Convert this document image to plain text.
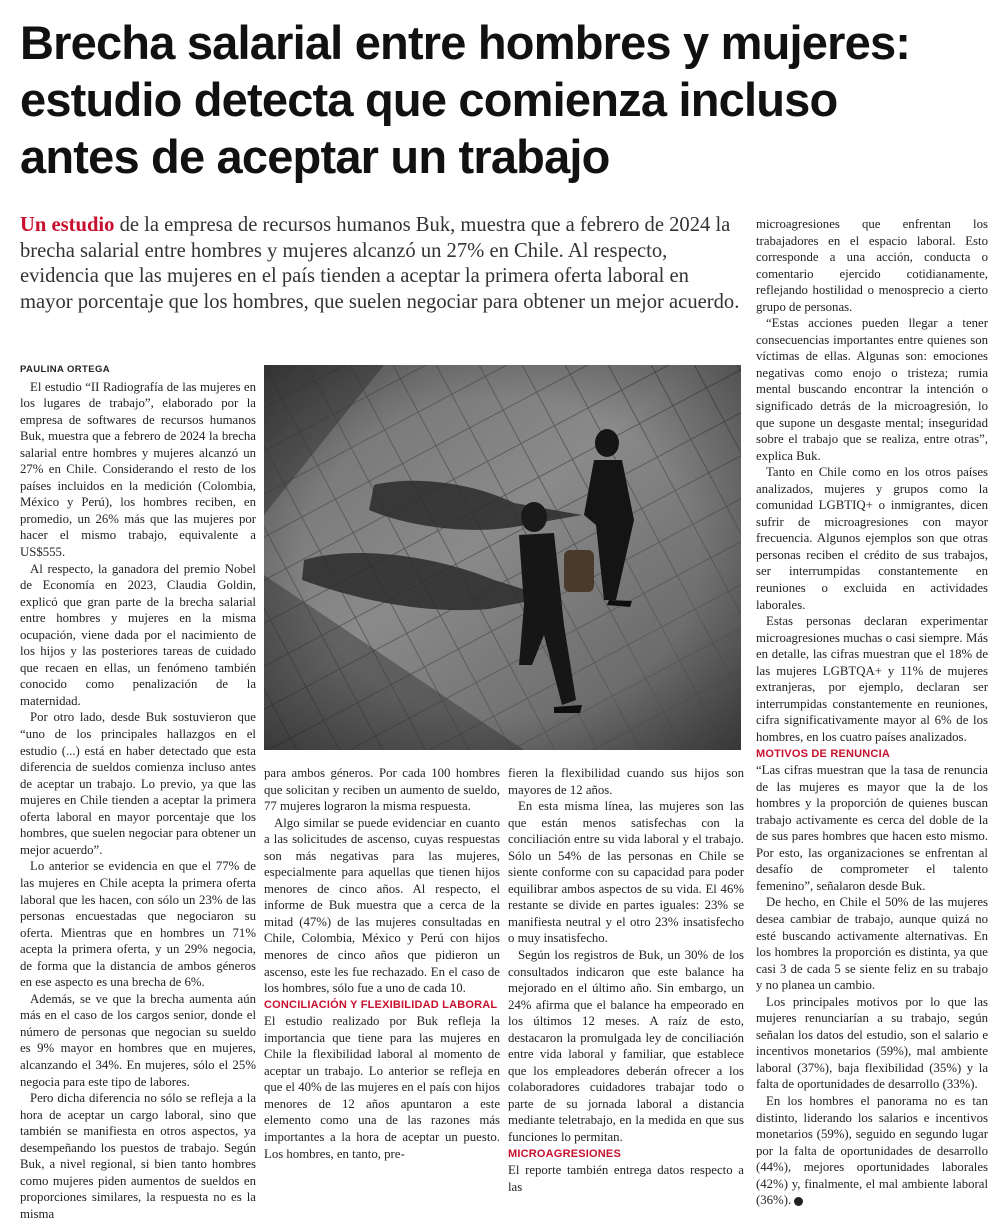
Brecha salarial entre hombres y mujeres:
estudio detecta que comienza incluso
antes de aceptar un trabajo

Un estudio de la empresa de recursos humanos Buk, muestra que a febrero de 2024 la brecha salarial entre hombres y mujeres alcanzó un 27% en Chile. Al respecto, evidencia que las mujeres en el país tienden a aceptar la primera oferta laboral en mayor porcentaje que los hombres, que suelen negociar para obtener un mejor acuerdo.

PAULINA ORTEGA

El estudio “II Radiografía de las mujeres en los lugares de trabajo”, elaborado por la empresa de softwares de recursos humanos Buk, muestra que a febrero de 2024 la brecha salarial entre hombres y mujeres alcanzó un 27% en Chile. Considerando el resto de los países incluidos en la medición (Colombia, México y Perú), los hombres reciben, en promedio, un 26% más que las mujeres por hacer el mismo trabajo, equivalente a US$555.

Al respecto, la ganadora del premio Nobel de Economía en 2023, Claudia Goldin, explicó que gran parte de la brecha salarial entre hombres y mujeres en la misma ocupación, viene dada por el nacimiento de los hijos y las posteriores tareas de cuidado que recaen en ellas, un fenómeno también conocido como penalización de la maternidad.

Por otro lado, desde Buk sostuvieron que “uno de los principales hallazgos en el estudio (...) está en haber detectado que esta diferencia de sueldos comienza incluso antes de aceptar un trabajo. Lo previo, ya que las mujeres en Chile tienden a aceptar la primera oferta laboral en mayor porcentaje que los hombres, que suelen negociar para obtener un mejor acuerdo”.

Lo anterior se evidencia en que el 77% de las mujeres en Chile acepta la primera oferta laboral que les hacen, con sólo un 23% de las personas encuestadas que negociaron su oferta. Mientras que en hombres un 71% acepta la primera oferta, y un 29% negocia, de forma que la distancia de ambos géneros en ese aspecto es una brecha de 6%.

Además, se ve que la brecha aumenta aún más en el caso de los cargos senior, donde el número de personas que negocian su sueldo es 9% mayor en hombres que en mujeres, alcanzando el 34%. En mujeres, sólo el 25% negocia para este tipo de labores.

Pero dicha diferencia no sólo se refleja a la hora de aceptar un cargo laboral, sino que también se manifiesta en otros aspectos, ya desempeñando los puestos de trabajo. Según Buk, a nivel regional, si bien tanto hombres como mujeres piden aumentos de sueldos en proporciones similares, la respuesta no es la misma

para ambos géneros. Por cada 100 hombres que solicitan y reciben un aumento de sueldo, 77 mujeres lograron la misma respuesta.

Algo similar se puede evidenciar en cuanto a las solicitudes de ascenso, cuyas respuestas son más negativas para las mujeres, especialmente para aquellas que tienen hijos menores de cinco años. Al respecto, el informe de Buk muestra que a cerca de la mitad (47%) de las mujeres consultadas en Chile, Colombia, México y Perú con hijos menores de cinco años que pidieron un ascenso, este les fue rechazado. En el caso de los hombres, sólo fue a uno de cada 10.

CONCILIACIÓN Y FLEXIBILIDAD LABORAL

El estudio realizado por Buk refleja la importancia que tiene para las mujeres en Chile la flexibilidad laboral al momento de aceptar un trabajo. Lo anterior se refleja en que el 40% de las mujeres en el país con hijos menores de 12 años apuntaron a este elemento como una de las razones más importantes a la hora de aceptar un puesto. Los hombres, en tanto, pre-

fieren la flexibilidad cuando sus hijos son mayores de 12 años.

En esta misma línea, las mujeres son las que están menos satisfechas con la conciliación entre su vida laboral y el trabajo. Sólo un 54% de las personas en Chile se siente conforme con su capacidad para poder equilibrar ambos aspectos de su vida. El 46% restante se divide en partes iguales: 23% se manifiesta neutral y el otro 23% insatisfecho o muy insatisfecho.

Según los registros de Buk, un 30% de los consultados indicaron que este balance ha mejorado en el último año. Sin embargo, un 24% afirma que el balance ha empeorado en los últimos 12 meses. A raíz de esto, destacaron la promulgada ley de conciliación entre vida laboral y familiar, que establece que los empleadores deberán ofrecer a los colaboradores cuidadores trabajar todo o parte de su jornada laboral a distancia mediante teletrabajo, en la medida en que sus funciones lo permitan.

MICROAGRESIONES

El reporte también entrega datos respecto a las

microagresiones que enfrentan los trabajadores en el espacio laboral. Esto corresponde a una acción, conducta o comentario ejercido cotidianamente, reflejando hostilidad o menosprecio a cierto grupo de personas.

“Estas acciones pueden llegar a tener consecuencias importantes entre quienes son víctimas de ellas. Algunas son: emociones negativas como enojo o tristeza; rumia mental buscando encontrar la intención o significado detrás de la microagresión, lo que supone un desgaste mental; inseguridad sobre el trabajo que se realiza, entre otras”, explica Buk.

Tanto en Chile como en los otros países analizados, mujeres y grupos como la comunidad LGBTIQ+ o inmigrantes, dicen sufrir de microagresiones con mayor frecuencia. Algunos ejemplos son que otras personas reciben el crédito de sus trabajos, ser interrumpidas constantemente en reuniones o excluida en actividades laborales.

Estas personas declaran experimentar microagresiones muchas o casi siempre. Más en detalle, las cifras muestran que el 18% de las mujeres LGBTQA+ y 11% de mujeres extranjeras, por ejemplo, declaran ser interrumpidas constantemente en reuniones, cifra significativamente mayor al 6% de los hombres, en los cuatro países analizados.

MOTIVOS DE RENUNCIA

“Las cifras muestran que la tasa de renuncia de las mujeres es mayor que la de los hombres y la proporción de quienes buscan trabajo activamente es cerca del doble de la de sus pares hombres que hacen esto mismo. Por esto, las organizaciones se enfrentan al desafío de comprometer el talento femenino”, señalaron desde Buk.

De hecho, en Chile el 50% de las mujeres desea cambiar de trabajo, aunque quizá no esté buscando activamente alternativas. En los hombres la proporción es distinta, ya que casi 3 de cada 5 se siente feliz en su trabajo y no planea un cambio.

Los principales motivos por lo que las mujeres renunciarían a su trabajo, según señalan los datos del estudio, son el salario e incentivos monetarios (59%), mal ambiente laboral (37%), baja flexibilidad (35%) y la falta de oportunidades de desarrollo (33%).

En los hombres el panorama no es tan distinto, liderando los salarios e incentivos monetarios (59%), seguido en segundo lugar por la falta de oportunidades de desarrollo (44%), mejores oportunidades laborales (42%) y, finalmente, el mal ambiente laboral (36%).
